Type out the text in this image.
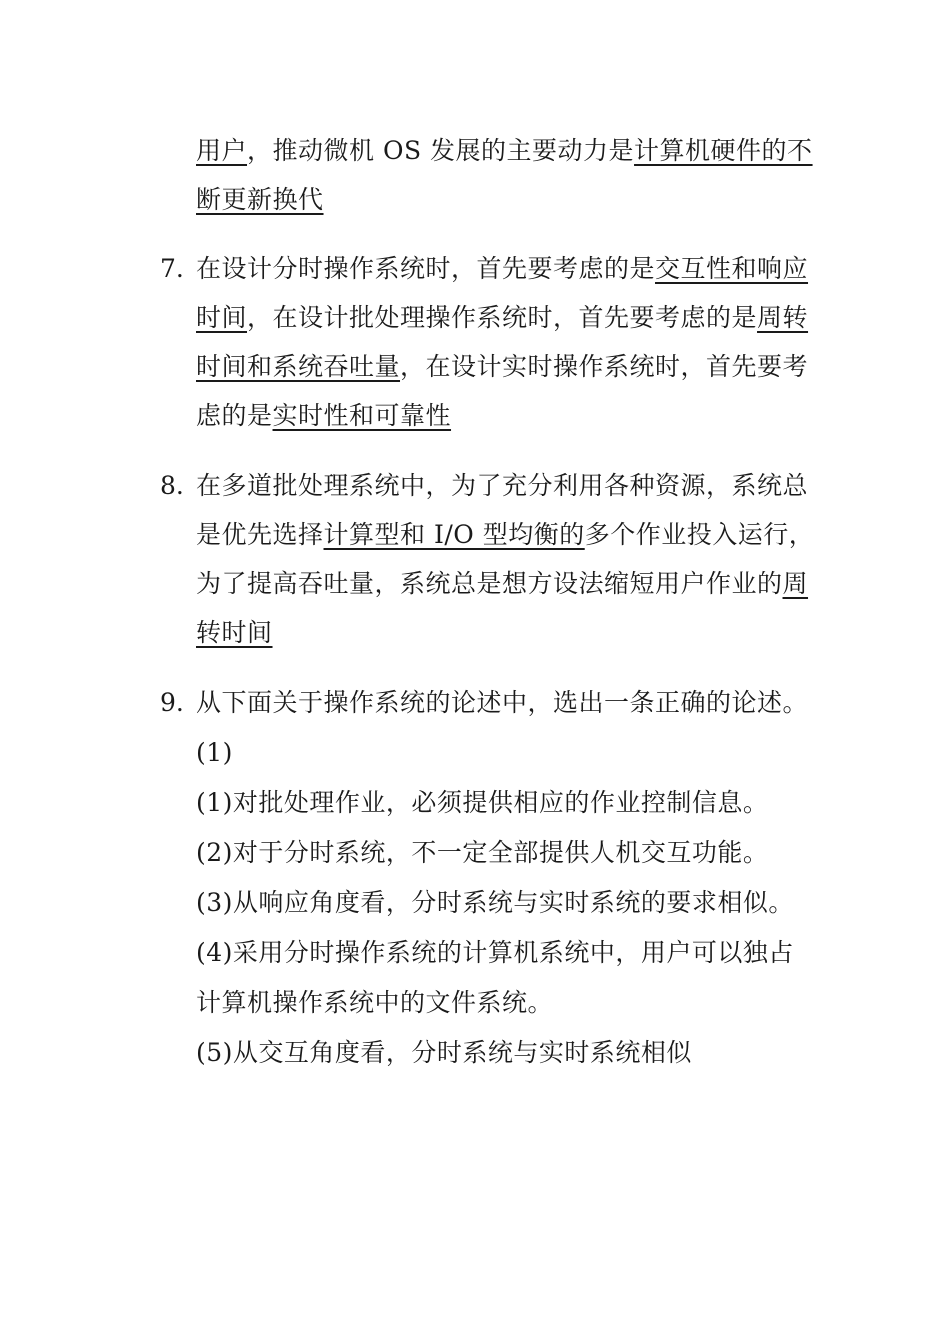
用户，推动微机 OS 发展的主要动力是计算机硬件的不
断更新换代
7. 在设计分时操作系统时，首先要考虑的是交互性和响应
时间，在设计批处理操作系统时，首先要考虑的是周转
时间和系统吞吐量，在设计实时操作系统时，首先要考
虑的是实时性和可靠性
8. 在多道批处理系统中，为了充分利用各种资源，系统总
是优先选择计算型和 I/O 型均衡的多个作业投入运行，
为了提高吞吐量，系统总是想方设法缩短用户作业的周
转时间
9. 从下面关于操作系统的论述中，选出一条正确的论述。
(1)
(1)对批处理作业，必须提供相应的作业控制信息。
(2)对于分时系统，不一定全部提供人机交互功能。
(3)从响应角度看，分时系统与实时系统的要求相似。
(4)采用分时操作系统的计算机系统中，用户可以独占
计算机操作系统中的文件系统。
(5)从交互角度看，分时系统与实时系统相似
